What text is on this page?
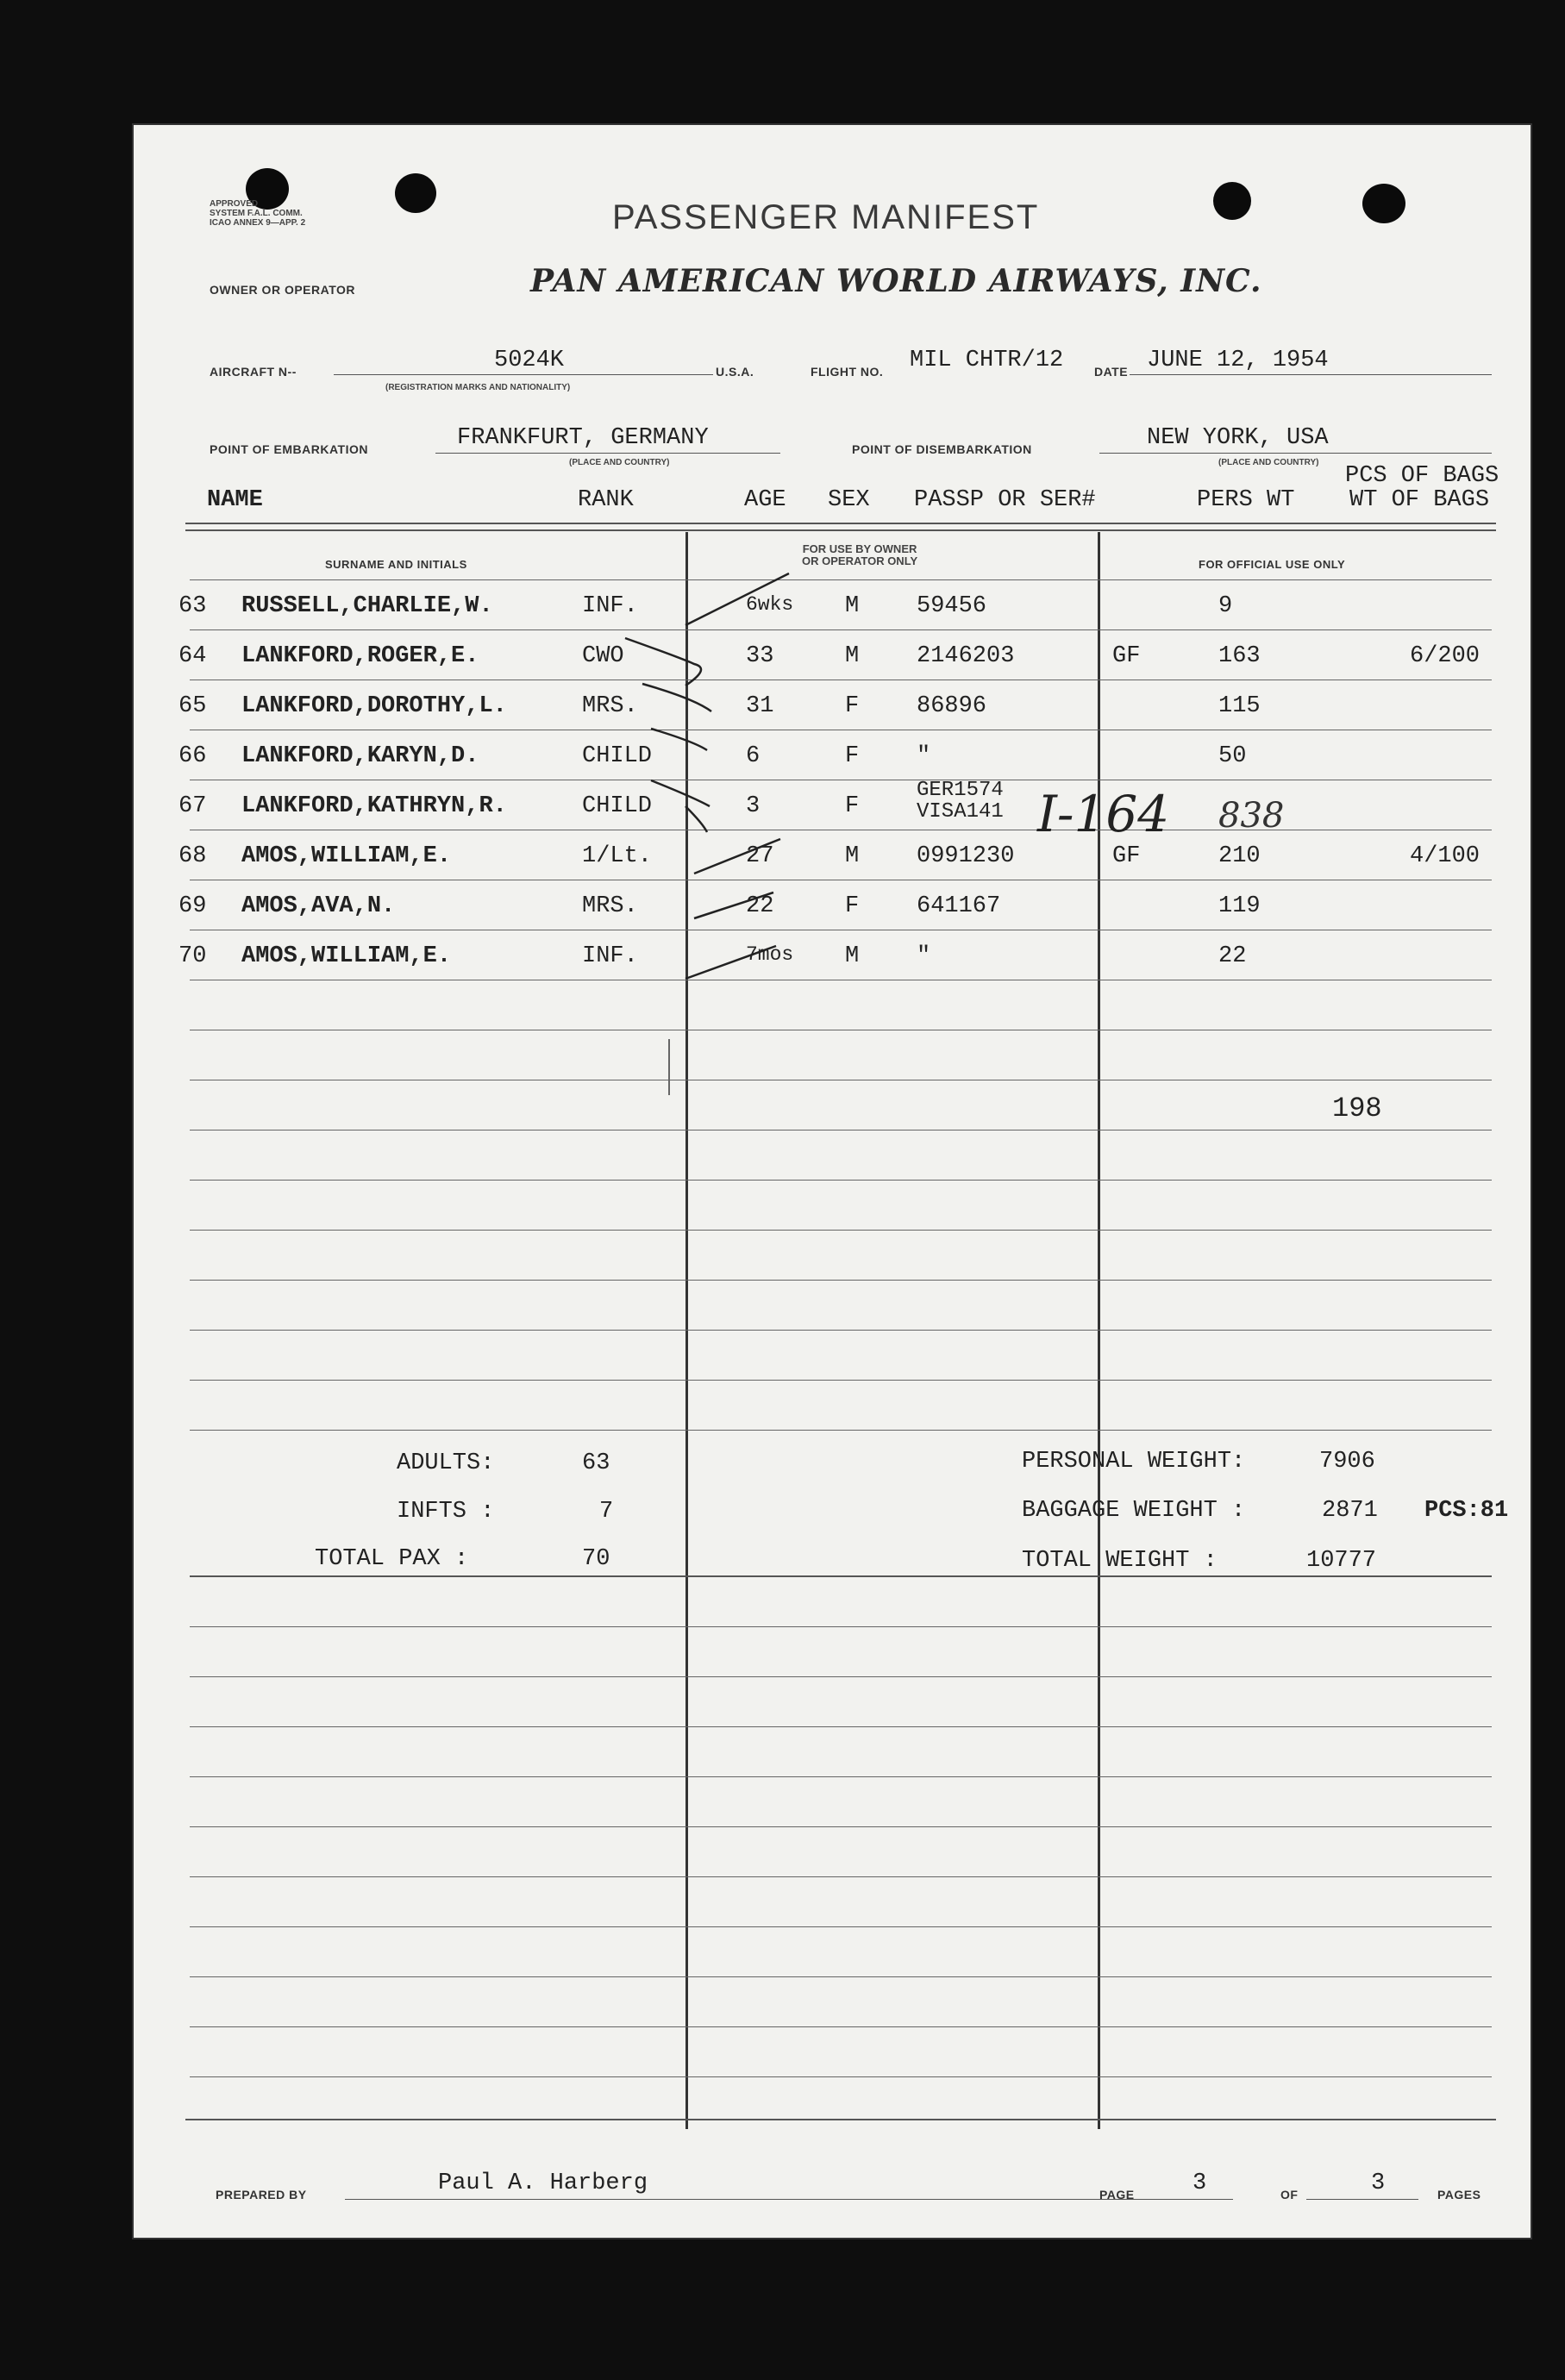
APPROVED
SYSTEM F.A.L. COMM.
ICAO ANNEX 9—APP. 2	PASSENGER MANIFEST
OWNER OR OPERATOR	PAN AMERICAN WORLD AIRWAYS, INC.
AIRCRAFT N--	5024K
(REGISTRATION MARKS AND NATIONALITY)
U.S.A.	FLIGHT NO. MIL CHTR/12	DATE JUNE 12, 1954
POINT OF EMBARKATION	FRANKFURT, GERMANY
(PLACE AND COUNTRY)
POINT OF DISEMBARKATION	NEW YORK, USA
(PLACE AND COUNTRY)
NAME	RANK	AGE SEX PASSP OR SER#	PERS WT
PCS OF BAGS
WT OF BAGS
SURNAME AND INITIALS
FOR USE BY OWNER
OR OPERATOR ONLY	FOR OFFICIAL USE ONLY
63 RUSSELL,CHARLIE,W.	INF.	6wks M 59456	9
64 LANKFORD,ROGER,E.	CWO	33	M 2146203	GF	163	6/200
65 LANKFORD,DOROTHY,L.	MRS.	31	F 86896	115
66 LANKFORD,KARYN,D.	CHILD	6	F "	50
67 LANKFORD,KATHRYN,R.	CHILD	3	F
GER1574
VISA141
68 AMOS,WILLIAM,E.	1/Lt.	27	M 0991230	GF	210	4/100
69 AMOS,AVA,N.	MRS.	22	F 641167	119
70 AMOS,WILLIAM,E.	INF.	7mos M "	22
I-164 838
198
ADULTS:	63
INFTS :	7
TOTAL PAX :	70
PERSONAL WEIGHT:	7906
BAGGAGE WEIGHT :	2871 PCS:81
TOTAL WEIGHT :	10777
PREPARED BY	Paul A. Harberg	PAGE 3	OF	3	PAGES
